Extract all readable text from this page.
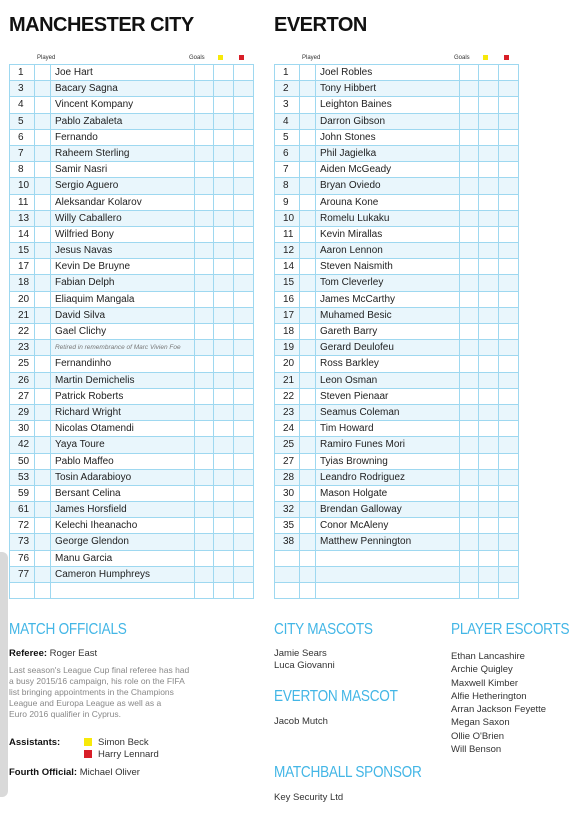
MANCHESTER CITY	EVERTON
Played	Goals
1	Joe Hart
3	Bacary Sagna
4	Vincent Kompany
5	Pablo Zabaleta
6	Fernando
7	Raheem Sterling
8	Samir Nasri
10	Sergio Aguero
11	Aleksandar Kolarov
13	Willy Caballero
14	Wilfried Bony
15	Jesus Navas
17	Kevin De Bruyne
18	Fabian Delph
20	Eliaquim Mangala
21	David Silva
22	Gael Clichy
23	Retired in remembrance of Marc Vivien Foe
25	Fernandinho
26	Martin Demichelis
27	Patrick Roberts
29	Richard Wright
30	Nicolas Otamendi
42	Yaya Toure
50	Pablo Maffeo
53	Tosin Adarabioyo
59	Bersant Celina
61	James Horsfield
72	Kelechi Iheanacho
73	George Glendon
76	Manu Garcia
77	Cameron Humphreys
Played	Goals
1	Joel Robles
2	Tony Hibbert
3	Leighton Baines
4	Darron Gibson
5	John Stones
6	Phil Jagielka
7	Aiden McGeady
8	Bryan Oviedo
9	Arouna Kone
10	Romelu Lukaku
11	Kevin Mirallas
12	Aaron Lennon
14	Steven Naismith
15	Tom Cleverley
16	James McCarthy
17	Muhamed Besic
18	Gareth Barry
19	Gerard Deulofeu
20	Ross Barkley
21	Leon Osman
22	Steven Pienaar
23	Seamus Coleman
24	Tim Howard
25	Ramiro Funes Mori
27	Tyias Browning
28	Leandro Rodriguez
30	Mason Holgate
32	Brendan Galloway
35	Conor McAleny
38	Matthew Pennington
MATCH OFFICIALS
Referee: Roger East
Last season's League Cup final referee has had
a busy 2015/16 campaign, his role on the FIFA
list bringing appointments in the Champions
League and Europa League as well as a
Euro 2016 qualifier in Cyprus.
Assistants:	Simon Beck
Harry Lennard
Fourth Official: Michael Oliver
CITY MASCOTS
Jamie Sears
Luca Giovanni
EVERTON MASCOT
Jacob Mutch
MATCHBALL SPONSOR
Key Security Ltd
PLAYER ESCORTS
Ethan Lancashire
Archie Quigley
Maxwell Kimber
Alfie Hetherington
Arran Jackson Feyette
Megan Saxon
Ollie O'Brien
Will Benson
